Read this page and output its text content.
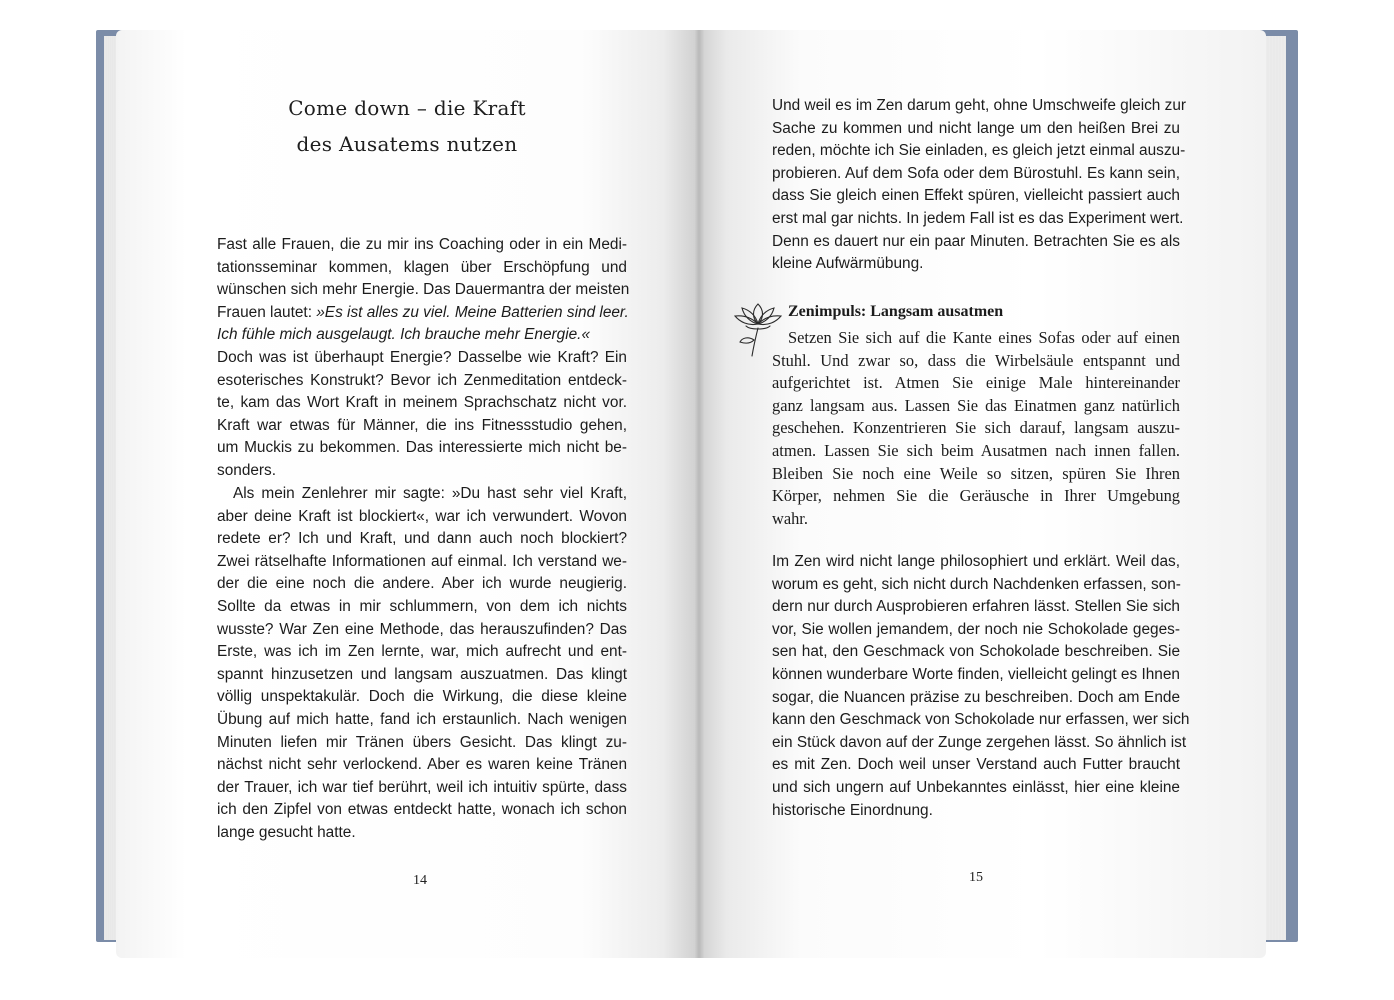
Come down – die Kraft
des Ausatems nutzen
Fast alle Frauen, die zu mir ins Coaching oder in ein Medi-
tationsseminar kommen, klagen über Erschöpfung und
wünschen sich mehr Energie. Das Dauermantra der meisten
Frauen lautet: »Es ist alles zu viel. Meine Batterien sind leer.
Ich fühle mich ausgelaugt. Ich brauche mehr Energie.«
Doch was ist überhaupt Energie? Dasselbe wie Kraft? Ein
esoterisches Konstrukt? Bevor ich Zenmeditation entdeck-
te, kam das Wort Kraft in meinem Sprachschatz nicht vor.
Kraft war etwas für Männer, die ins Fitnessstudio gehen,
um Muckis zu bekommen. Das interessierte mich nicht be-
sonders.
Als mein Zenlehrer mir sagte: »Du hast sehr viel Kraft,
aber deine Kraft ist blockiert«, war ich verwundert. Wovon
redete er? Ich und Kraft, und dann auch noch blockiert?
Zwei rätselhafte Informationen auf einmal. Ich verstand we-
der die eine noch die andere. Aber ich wurde neugierig.
Sollte da etwas in mir schlummern, von dem ich nichts
wusste? War Zen eine Methode, das herauszufinden? Das
Erste, was ich im Zen lernte, war, mich aufrecht und ent-
spannt hinzusetzen und langsam auszuatmen. Das klingt
völlig unspektakulär. Doch die Wirkung, die diese kleine
Übung auf mich hatte, fand ich erstaunlich. Nach wenigen
Minuten liefen mir Tränen übers Gesicht. Das klingt zu-
nächst nicht sehr verlockend. Aber es waren keine Tränen
der Trauer, ich war tief berührt, weil ich intuitiv spürte, dass
ich den Zipfel von etwas entdeckt hatte, wonach ich schon
lange gesucht hatte.
14
Und weil es im Zen darum geht, ohne Umschweife gleich zur
Sache zu kommen und nicht lange um den heißen Brei zu
reden, möchte ich Sie einladen, es gleich jetzt einmal auszu-
probieren. Auf dem Sofa oder dem Bürostuhl. Es kann sein,
dass Sie gleich einen Effekt spüren, vielleicht passiert auch
erst mal gar nichts. In jedem Fall ist es das Experiment wert.
Denn es dauert nur ein paar Minuten. Betrachten Sie es als
kleine Aufwärmübung.
Zenimpuls: Langsam ausatmen
Setzen Sie sich auf die Kante eines Sofas oder auf einen
Stuhl. Und zwar so, dass die Wirbelsäule entspannt und
aufgerichtet ist. Atmen Sie einige Male hintereinander
ganz langsam aus. Lassen Sie das Einatmen ganz natürlich
geschehen. Konzentrieren Sie sich darauf, langsam auszu-
atmen. Lassen Sie sich beim Ausatmen nach innen fallen.
Bleiben Sie noch eine Weile so sitzen, spüren Sie Ihren
Körper, nehmen Sie die Geräusche in Ihrer Umgebung
wahr.
Im Zen wird nicht lange philosophiert und erklärt. Weil das,
worum es geht, sich nicht durch Nachdenken erfassen, son-
dern nur durch Ausprobieren erfahren lässt. Stellen Sie sich
vor, Sie wollen jemandem, der noch nie Schokolade geges-
sen hat, den Geschmack von Schokolade beschreiben. Sie
können wunderbare Worte finden, vielleicht gelingt es Ihnen
sogar, die Nuancen präzise zu beschreiben. Doch am Ende
kann den Geschmack von Schokolade nur erfassen, wer sich
ein Stück davon auf der Zunge zergehen lässt. So ähnlich ist
es mit Zen. Doch weil unser Verstand auch Futter braucht
und sich ungern auf Unbekanntes einlässt, hier eine kleine
historische Einordnung.
15
